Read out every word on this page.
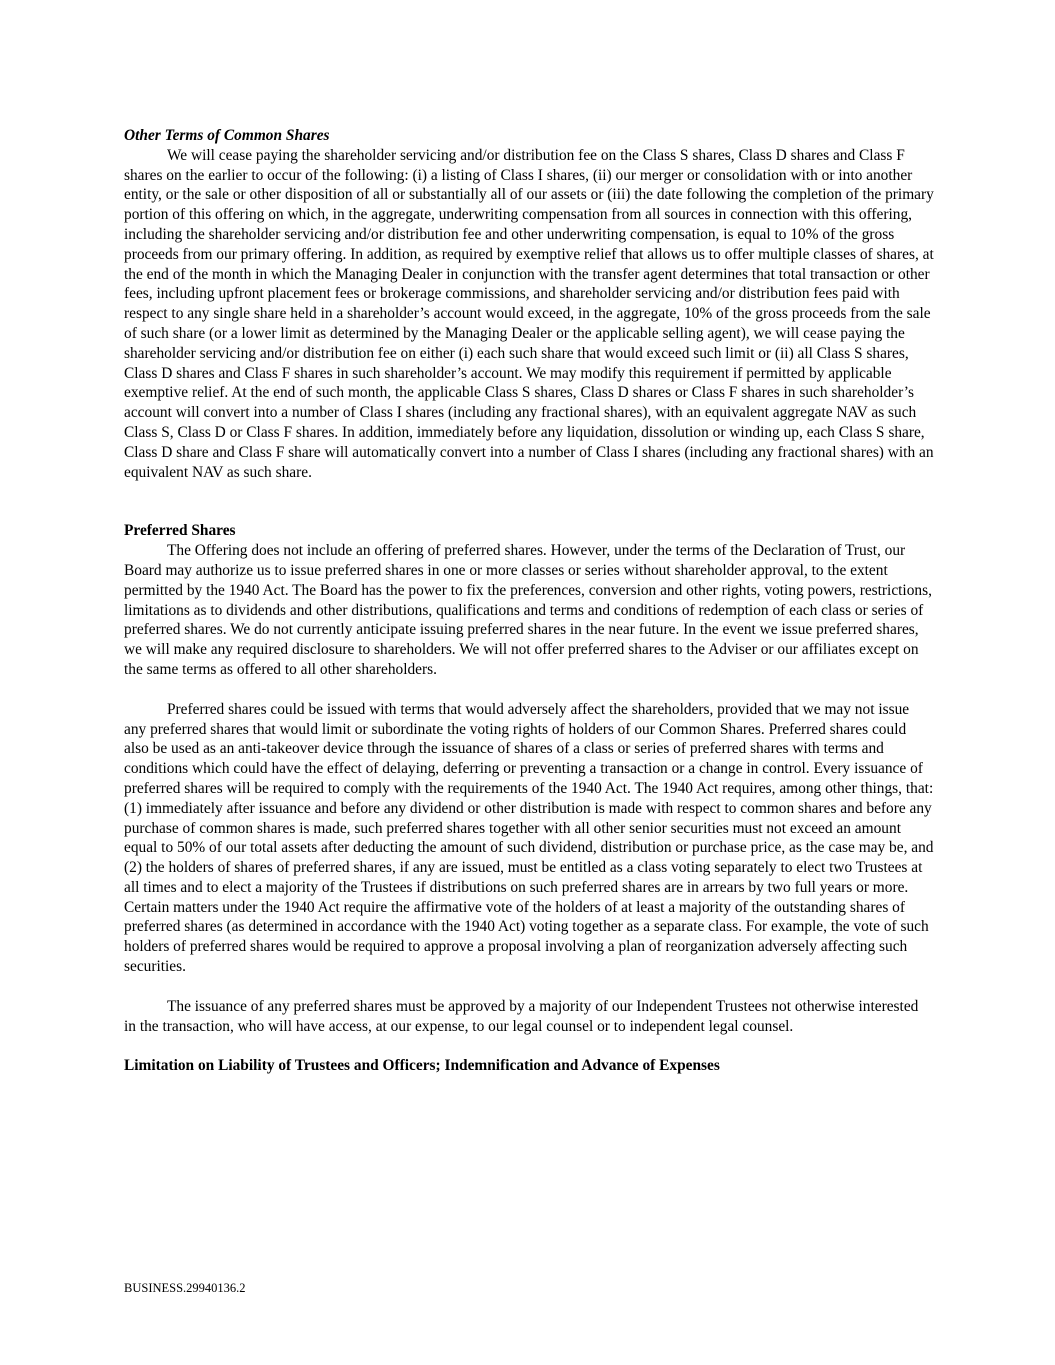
Other Terms of Common Shares

We will cease paying the shareholder servicing and/or distribution fee on the Class S shares, Class D shares and Class F shares on the earlier to occur of the following: (i) a listing of Class I shares, (ii) our merger or consolidation with or into another entity, or the sale or other disposition of all or substantially all of our assets or (iii) the date following the completion of the primary portion of this offering on which, in the aggregate, underwriting compensation from all sources in connection with this offering, including the shareholder servicing and/or distribution fee and other underwriting compensation, is equal to 10% of the gross proceeds from our primary offering. In addition, as required by exemptive relief that allows us to offer multiple classes of shares, at the end of the month in which the Managing Dealer in conjunction with the transfer agent determines that total transaction or other fees, including upfront placement fees or brokerage commissions, and shareholder servicing and/or distribution fees paid with respect to any single share held in a shareholder’s account would exceed, in the aggregate, 10% of the gross proceeds from the sale of such share (or a lower limit as determined by the Managing Dealer or the applicable selling agent), we will cease paying the shareholder servicing and/or distribution fee on either (i) each such share that would exceed such limit or (ii) all Class S shares, Class D shares and Class F shares in such shareholder’s account. We may modify this requirement if permitted by applicable exemptive relief. At the end of such month, the applicable Class S shares, Class D shares or Class F shares in such shareholder’s account will convert into a number of Class I shares (including any fractional shares), with an equivalent aggregate NAV as such Class S, Class D or Class F shares. In addition, immediately before any liquidation, dissolution or winding up, each Class S share, Class D share and Class F share will automatically convert into a number of Class I shares (including any fractional shares) with an equivalent NAV as such share.

Preferred Shares

The Offering does not include an offering of preferred shares. However, under the terms of the Declaration of Trust, our Board may authorize us to issue preferred shares in one or more classes or series without shareholder approval, to the extent permitted by the 1940 Act. The Board has the power to fix the preferences, conversion and other rights, voting powers, restrictions, limitations as to dividends and other distributions, qualifications and terms and conditions of redemption of each class or series of preferred shares. We do not currently anticipate issuing preferred shares in the near future. In the event we issue preferred shares, we will make any required disclosure to shareholders. We will not offer preferred shares to the Adviser or our affiliates except on the same terms as offered to all other shareholders.

Preferred shares could be issued with terms that would adversely affect the shareholders, provided that we may not issue any preferred shares that would limit or subordinate the voting rights of holders of our Common Shares. Preferred shares could also be used as an anti-takeover device through the issuance of shares of a class or series of preferred shares with terms and conditions which could have the effect of delaying, deferring or preventing a transaction or a change in control. Every issuance of preferred shares will be required to comply with the requirements of the 1940 Act. The 1940 Act requires, among other things, that: (1) immediately after issuance and before any dividend or other distribution is made with respect to common shares and before any purchase of common shares is made, such preferred shares together with all other senior securities must not exceed an amount equal to 50% of our total assets after deducting the amount of such dividend, distribution or purchase price, as the case may be, and (2) the holders of shares of preferred shares, if any are issued, must be entitled as a class voting separately to elect two Trustees at all times and to elect a majority of the Trustees if distributions on such preferred shares are in arrears by two full years or more. Certain matters under the 1940 Act require the affirmative vote of the holders of at least a majority of the outstanding shares of preferred shares (as determined in accordance with the 1940 Act) voting together as a separate class. For example, the vote of such holders of preferred shares would be required to approve a proposal involving a plan of reorganization adversely affecting such securities.

The issuance of any preferred shares must be approved by a majority of our Independent Trustees not otherwise interested in the transaction, who will have access, at our expense, to our legal counsel or to independent legal counsel.

Limitation on Liability of Trustees and Officers; Indemnification and Advance of Expenses
BUSINESS.29940136.2
